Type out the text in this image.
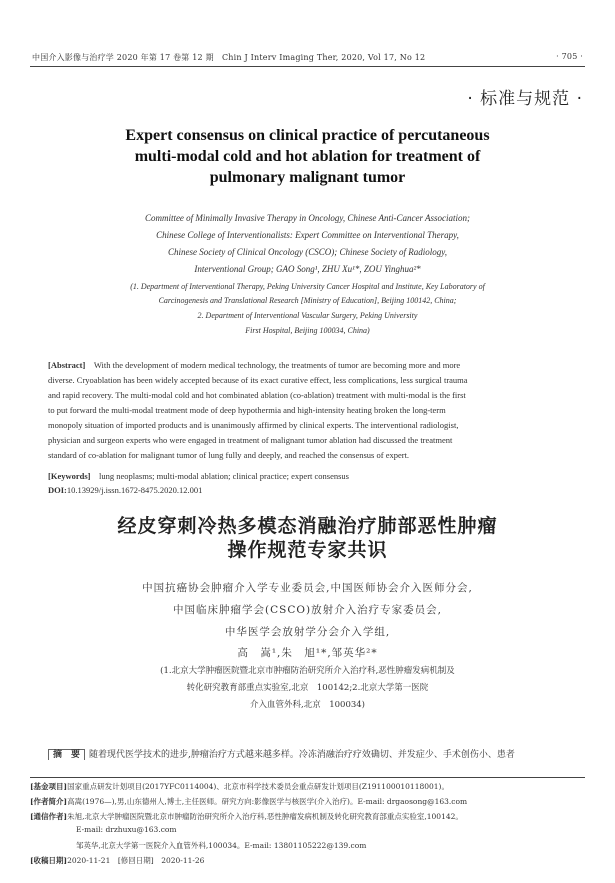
中国介入影像与治疗学 2020 年第 17 卷第 12 期　 Chin J Interv Imaging Ther, 2020, Vol 17, No 12	· 705 ·
· 标准与规范 ·
Expert consensus on clinical practice of percutaneous
multi-modal cold and hot ablation for treatment of
pulmonary malignant tumor
Committee of Minimally Invasive Therapy in Oncology, Chinese Anti-Cancer Association;
Chinese College of Interventionalists: Expert Committee on Interventional Therapy,
Chinese Society of Clinical Oncology (CSCO); Chinese Society of Radiology,
Interventional Group; GAO Song¹, ZHU Xu¹*, ZOU Yinghua²*
(1. Department of Interventional Therapy, Peking University Cancer Hospital and Institute, Key Laboratory of
Carcinogenesis and Translational Research [Ministry of Education], Beijing 100142, China;
2. Department of Interventional Vascular Surgery, Peking University
First Hospital, Beijing 100034, China)
[Abstract]　 With the development of modern medical technology, the treatments of tumor are becoming more and more
diverse. Cryoablation has been widely accepted because of its exact curative effect, less complications, less surgical trauma
and rapid recovery. The multi-modal cold and hot combinated ablation (co-ablation) treatment with multi-modal is the first
to put forward the multi-modal treatment mode of deep hypothermia and high-intensity heating broken the long-term
monopoly situation of imported products and is unanimously affirmed by clinical experts. The interventional radiologist,
physician and surgeon experts who were engaged in treatment of malignant tumor ablation had discussed the treatment
standard of co-ablation for malignant tumor of lung fully and deeply, and reached the consensus of expert.
[Keywords]　 lung neoplasms; multi-modal ablation; clinical practice; expert consensus
DOI:10.13929/j.issn.1672-8475.2020.12.001
经皮穿刺冷热多模态消融治疗肺部恶性肿瘤
操作规范专家共识
中国抗癌协会肿瘤介入学专业委员会,中国医师协会介入医师分会,
中国临床肿瘤学会(CSCO)放射介入治疗专家委员会,
中华医学会放射学分会介入学组,
高　嵩¹,朱　旭¹*,邹英华²*
(1.北京大学肿瘤医院暨北京市肿瘤防治研究所介入治疗科,恶性肿瘤发病机制及
转化研究教育部重点实验室,北京　100142;2.北京大学第一医院
介入血管外科,北京　100034)
摘　要 随着现代医学技术的进步,肿瘤治疗方式越来越多样。冷冻消融治疗疗效确切、并发症少、手术创伤小、患者
[基金项目]国家重点研发计划项目(2017YFC0114004)、北京市科学技术委员会重点研发计划项目(Z191100010118001)。
[作者简介]高嵩(1976—),男,山东德州人,博士,主任医师。研究方向:影像医学与核医学(介入治疗)。E-mail: drgaosong@163.com
[通信作者]朱旭,北京大学肿瘤医院暨北京市肿瘤防治研究所介入治疗科,恶性肿瘤发病机制及转化研究教育部重点实验室,100142。
E-mail: drzhuxu@163.com
邹英华,北京大学第一医院介入血管外科,100034。E-mail: 13801105222@139.com
[收稿日期]2020-11-21　[修回日期]　2020-11-26
